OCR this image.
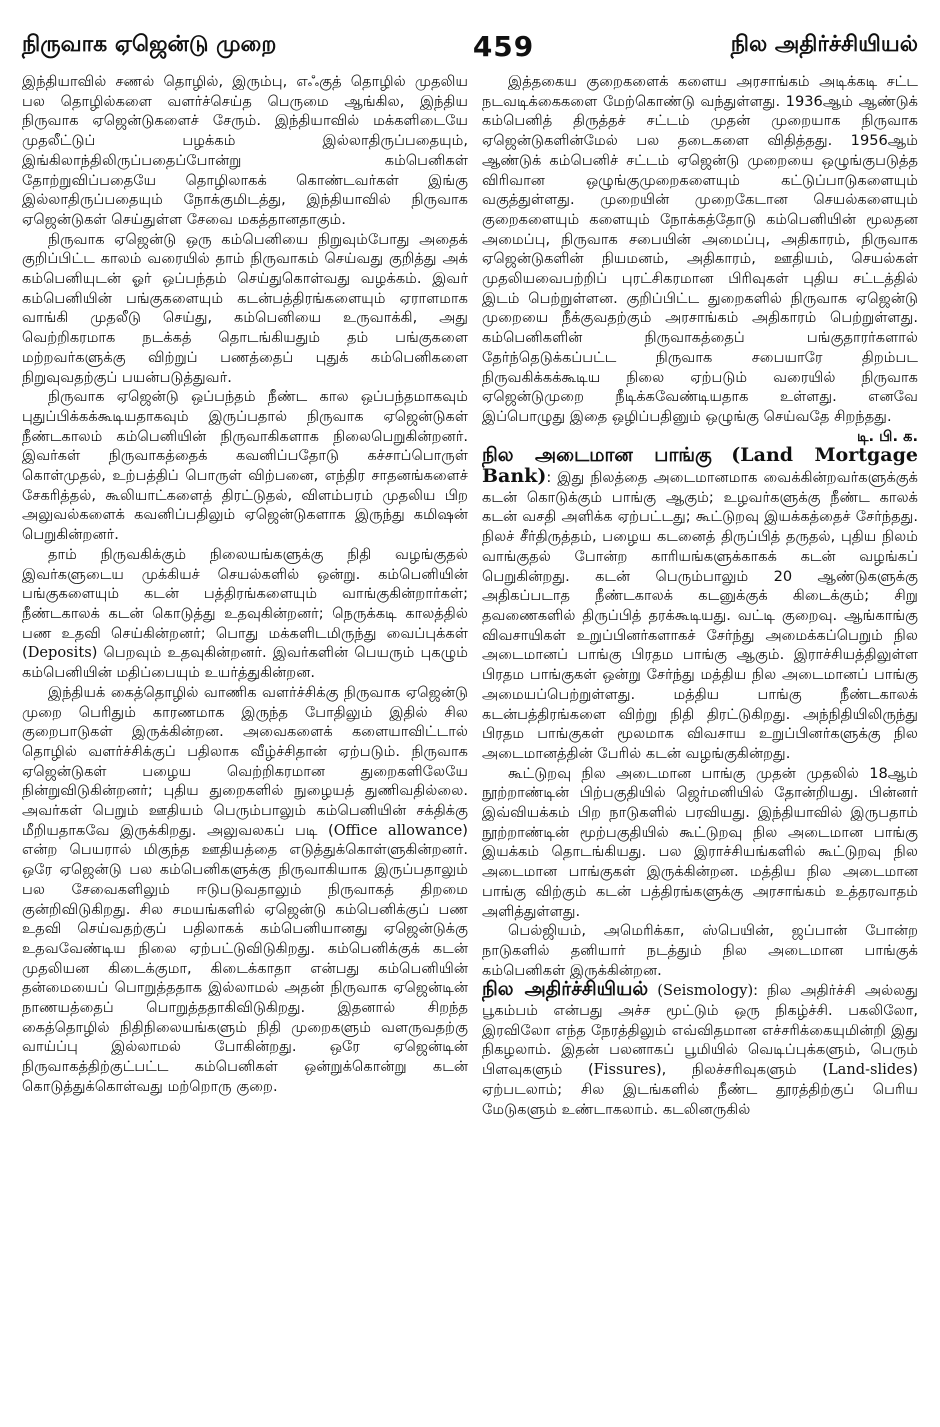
நிருவாக ஏஜென்டு முறை	459	நில அதிர்ச்சியியல்

இந்தியாவில் சணல் தொழில், இரும்பு, எஃகுத் தொழில் முதலிய பல தொழில்களை வளர்ச்செய்த பெருமை ஆங்கில, இந்திய நிருவாக ஏஜென்டுகளைச் சேரும். இந்தியாவில் மக்களிடையே முதலீட்டுப் பழக்கம் இல்லாதிருப்பதையும், இங்கிலாந்திலிருப்பதைப்போன்று கம்பெனிகள் தோற்றுவிப்பதையே தொழிலாகக் கொண்டவர்கள் இங்கு இல்லாதிருப்பதையும் நோக்குமிடத்து, இந்தியாவில் நிருவாக ஏஜென்டுகள் செய்துள்ள சேவை மகத்தானதாகும்.

நிருவாக ஏஜென்டு ஒரு கம்பெனியை நிறுவும்போது அதைக் குறிப்பிட்ட காலம் வரையில் தாம் நிருவாகம் செய்வது குறித்து அக் கம்பெனியுடன் ஓர் ஒப்பந்தம் செய்துகொள்வது வழக்கம். இவர் கம்பெனியின் பங்குகளையும் கடன்பத்திரங்களையும் ஏராளமாக வாங்கி முதலீடு செய்து, கம்பெனியை உருவாக்கி, அது வெற்றிகரமாக நடக்கத் தொடங்கியதும் தம் பங்குகளை மற்றவர்களுக்கு விற்றுப் பணத்தைப் புதுக் கம்பெனிகளை நிறுவுவதற்குப் பயன்படுத்துவர்.

நிருவாக ஏஜென்டு ஒப்பந்தம் நீண்ட கால ஒப்பந்தமாகவும் புதுப்பிக்கக்கூடியதாகவும் இருப்பதால் நிருவாக ஏஜென்டுகள் நீண்டகாலம் கம்பெனியின் நிருவாகிகளாக நிலைபெறுகின்றனர். இவர்கள் நிருவாகத்தைக் கவனிப்பதோடு கச்சாப்பொருள் கொள்முதல், உற்பத்திப் பொருள் விற்பனை, எந்திர சாதனங்களைச் சேகரித்தல், கூலியாட்களைத் திரட்டுதல், விளம்பரம் முதலிய பிற அலுவல்களைக் கவனிப்பதிலும் ஏஜென்டுகளாக இருந்து கமிஷன் பெறுகின்றனர்.

தாம் நிருவகிக்கும் நிலையங்களுக்கு நிதி வழங்குதல் இவர்களுடைய முக்கியச் செயல்களில் ஒன்று. கம்பெனியின் பங்குகளையும் கடன் பத்திரங்களையும் வாங்குகின்றார்கள்; நீண்டகாலக் கடன் கொடுத்து உதவுகின்றனர்; நெருக்கடி காலத்தில் பண உதவி செய்கின்றனர்; பொது மக்களிடமிருந்து வைப்புக்கள் (Deposits) பெறவும் உதவுகின்றனர். இவர்களின் பெயரும் புகழும் கம்பெனியின் மதிப்பையும் உயர்த்துகின்றன.

இந்தியக் கைத்தொழில் வாணிக வளர்ச்சிக்கு நிருவாக ஏஜென்டு முறை பெரிதும் காரணமாக இருந்த போதிலும் இதில் சில குறைபாடுகள் இருக்கின்றன. அவைகளைக் களையாவிட்டால் தொழில் வளர்ச்சிக்குப் பதிலாக வீழ்ச்சிதான் ஏற்படும். நிருவாக ஏஜென்டுகள் பழைய வெற்றிகரமான துறைகளிலேயே நின்றுவிடுகின்றனர்; புதிய துறைகளில் நுழையத் துணிவதில்லை. அவர்கள் பெறும் ஊதியம் பெரும்பாலும் கம்பெனியின் சக்திக்கு மீறியதாகவே இருக்கிறது. அலுவலகப் படி (Office allowance) என்ற பெயரால் மிகுந்த ஊதியத்தை எடுத்துக்கொள்ளுகின்றனர். ஒரே ஏஜென்டு பல கம்பெனிகளுக்கு நிருவாகியாக இருப்பதாலும் பல சேவைகளிலும் ஈடுபடுவதாலும் நிருவாகத் திறமை குன்றிவிடுகிறது. சில சமயங்களில் ஏஜென்டு கம்பெனிக்குப் பண உதவி செய்வதற்குப் பதிலாகக் கம்பெனியானது ஏஜென்டுக்கு உதவவேண்டிய நிலை ஏற்பட்டுவிடுகிறது. கம்பெனிக்குக் கடன் முதலியன கிடைக்குமா, கிடைக்காதா என்பது கம்பெனியின் தன்மையைப் பொறுத்ததாக இல்லாமல் அதன் நிருவாக ஏஜென்டின் நாணயத்தைப் பொறுத்ததாகிவிடுகிறது. இதனால் சிறந்த கைத்தொழில் நிதிநிலையங்களும் நிதி முறைகளும் வளருவதற்கு வாய்ப்பு இல்லாமல் போகின்றது. ஒரே ஏஜென்டின் நிருவாகத்திற்குட்பட்ட கம்பெனிகள் ஒன்றுக்கொன்று கடன் கொடுத்துக்கொள்வது மற்றொரு குறை.

இத்தகைய குறைகளைக் களைய அரசாங்கம் அடிக்கடி சட்ட நடவடிக்கைகளை மேற்கொண்டு வந்துள்ளது. 1936ஆம் ஆண்டுக் கம்பெனித் திருத்தச் சட்டம் முதன் முறையாக நிருவாக ஏஜென்டுகளின்மேல் பல தடைகளை விதித்தது. 1956ஆம் ஆண்டுக் கம்பெனிச் சட்டம் ஏஜென்டு முறையை ஒழுங்குபடுத்த விரிவான ஒழுங்குமுறைகளையும் கட்டுப்பாடுகளையும் வகுத்துள்ளது. முறையின் முறைகேடான செயல்களையும் குறைகளையும் களையும் நோக்கத்தோடு கம்பெனியின் மூலதன அமைப்பு, நிருவாக சபையின் அமைப்பு, அதிகாரம், நிருவாக ஏஜென்டுகளின் நியமனம், அதிகாரம், ஊதியம், செயல்கள் முதலியவைபற்றிப் புரட்சிகரமான பிரிவுகள் புதிய சட்டத்தில் இடம் பெற்றுள்ளன. குறிப்பிட்ட துறைகளில் நிருவாக ஏஜென்டு முறையை நீக்குவதற்கும் அரசாங்கம் அதிகாரம் பெற்றுள்ளது. கம்பெனிகளின் நிருவாகத்தைப் பங்குதாரர்களால் தேர்ந்தெடுக்கப்பட்ட நிருவாக சபையாரே திறம்பட நிருவகிக்கக்கூடிய நிலை ஏற்படும் வரையில் நிருவாக ஏஜென்டுமுறை நீடிக்கவேண்டியதாக உள்ளது. எனவே இப்பொழுது இதை ஒழிப்பதினும் ஒழுங்கு செய்வதே சிறந்தது.

டி. பி. க.

நில அடைமான பாங்கு (Land Mortgage Bank): இது நிலத்தை அடைமானமாக வைக்கின்றவர்களுக்குக் கடன் கொடுக்கும் பாங்கு ஆகும்; உழவர்களுக்கு நீண்ட காலக் கடன் வசதி அளிக்க ஏற்பட்டது; கூட்டுறவு இயக்கத்தைச் சேர்ந்தது. நிலச் சீர்திருத்தம், பழைய கடனைத் திருப்பித் தருதல், புதிய நிலம் வாங்குதல் போன்ற காரியங்களுக்காகக் கடன் வழங்கப் பெறுகின்றது. கடன் பெரும்பாலும் 20 ஆண்டுகளுக்கு அதிகப்படாத நீண்டகாலக் கடனுக்குக் கிடைக்கும்; சிறு தவணைகளில் திருப்பித் தரக்கூடியது. வட்டி குறைவு. ஆங்காங்கு விவசாயிகள் உறுப்பினர்களாகச் சேர்ந்து அமைக்கப்பெறும் நில அடைமானப் பாங்கு பிரதம பாங்கு ஆகும். இராச்சியத்திலுள்ள பிரதம பாங்குகள் ஒன்று சேர்ந்து மத்திய நில அடைமானப் பாங்கு அமையப்பெற்றுள்ளது. மத்திய பாங்கு நீண்டகாலக் கடன்பத்திரங்களை விற்று நிதி திரட்டுகிறது. அந்நிதியிலிருந்து பிரதம பாங்குகள் மூலமாக விவசாய உறுப்பினர்களுக்கு நில அடைமானத்தின் பேரில் கடன் வழங்குகின்றது.

கூட்டுறவு நில அடைமான பாங்கு முதன் முதலில் 18ஆம் நூற்றாண்டின் பிற்பகுதியில் ஜெர்மனியில் தோன்றியது. பின்னர் இவ்வியக்கம் பிற நாடுகளில் பரவியது. இந்தியாவில் இருபதாம் நூற்றாண்டின் மூற்பகுதியில் கூட்டுறவு நில அடைமான பாங்கு இயக்கம் தொடங்கியது. பல இராச்சியங்களில் கூட்டுறவு நில அடைமான பாங்குகள் இருக்கின்றன. மத்திய நில அடைமான பாங்கு விற்கும் கடன் பத்திரங்களுக்கு அரசாங்கம் உத்தரவாதம் அளித்துள்ளது.

பெல்ஜியம், அமெரிக்கா, ஸ்பெயின், ஜப்பான் போன்ற நாடுகளில் தனியார் நடத்தும் நில அடைமான பாங்குக் கம்பெனிகள் இருக்கின்றன.

நில அதிர்ச்சியியல் (Seismology): நில அதிர்ச்சி அல்லது பூகம்பம் என்பது அச்ச மூட்டும் ஒரு நிகழ்ச்சி. பகலிலோ, இரவிலோ எந்த நேரத்திலும் எவ்விதமான எச்சரிக்கையுமின்றி இது நிகழலாம். இதன் பலனாகப் பூமியில் வெடிப்புக்களும், பெரும் பிளவுகளும் (Fissures), நிலச்சரிவுகளும் (Land-slides) ஏற்படலாம்; சில இடங்களில் நீண்ட தூரத்திற்குப் பெரிய மேடுகளும் உண்டாகலாம். கடலினருகில்
